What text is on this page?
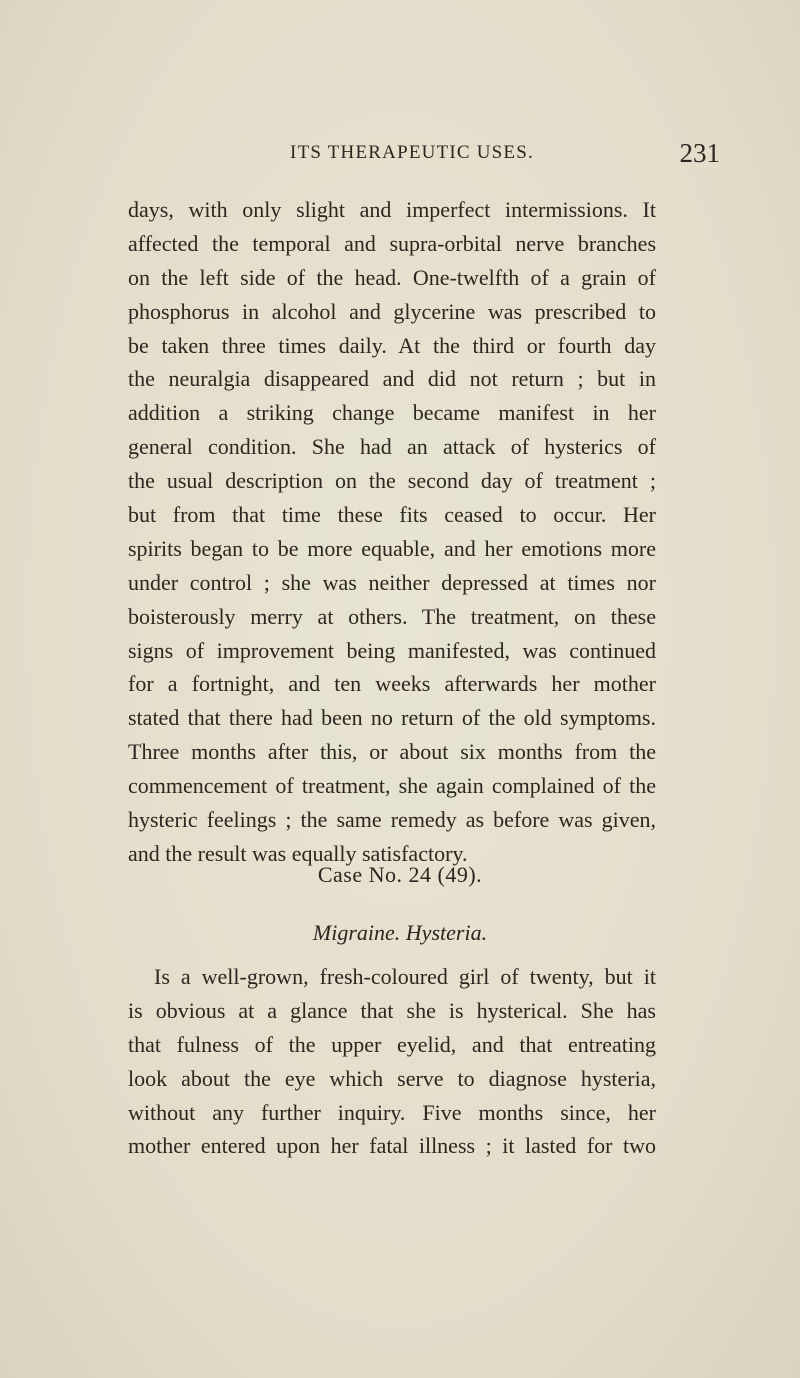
ITS THERAPEUTIC USES.	231
days, with only slight and imperfect intermissions. It
affected the temporal and supra-orbital nerve branches
on the left side of the head. One-twelfth of a grain of
phosphorus in alcohol and glycerine was prescribed to
be taken three times daily. At the third or fourth day
the neuralgia disappeared and did not return ; but in
addition a striking change became manifest in her
general condition. She had an attack of hysterics of
the usual description on the second day of treatment ;
but from that time these fits ceased to occur. Her
spirits began to be more equable, and her emotions more
under control ; she was neither depressed at times nor
boisterously merry at others. The treatment, on these
signs of improvement being manifested, was continued
for a fortnight, and ten weeks afterwards her mother
stated that there had been no return of the old symptoms.
Three months after this, or about six months from the
commencement of treatment, she again complained of the
hysteric feelings ; the same remedy as before was given,
and the result was equally satisfactory.
Case No. 24 (49).
Migraine. Hysteria.
Is a well-grown, fresh-coloured girl of twenty, but it
is obvious at a glance that she is hysterical. She has
that fulness of the upper eyelid, and that entreating
look about the eye which serve to diagnose hysteria,
without any further inquiry. Five months since, her
mother entered upon her fatal illness ; it lasted for two
